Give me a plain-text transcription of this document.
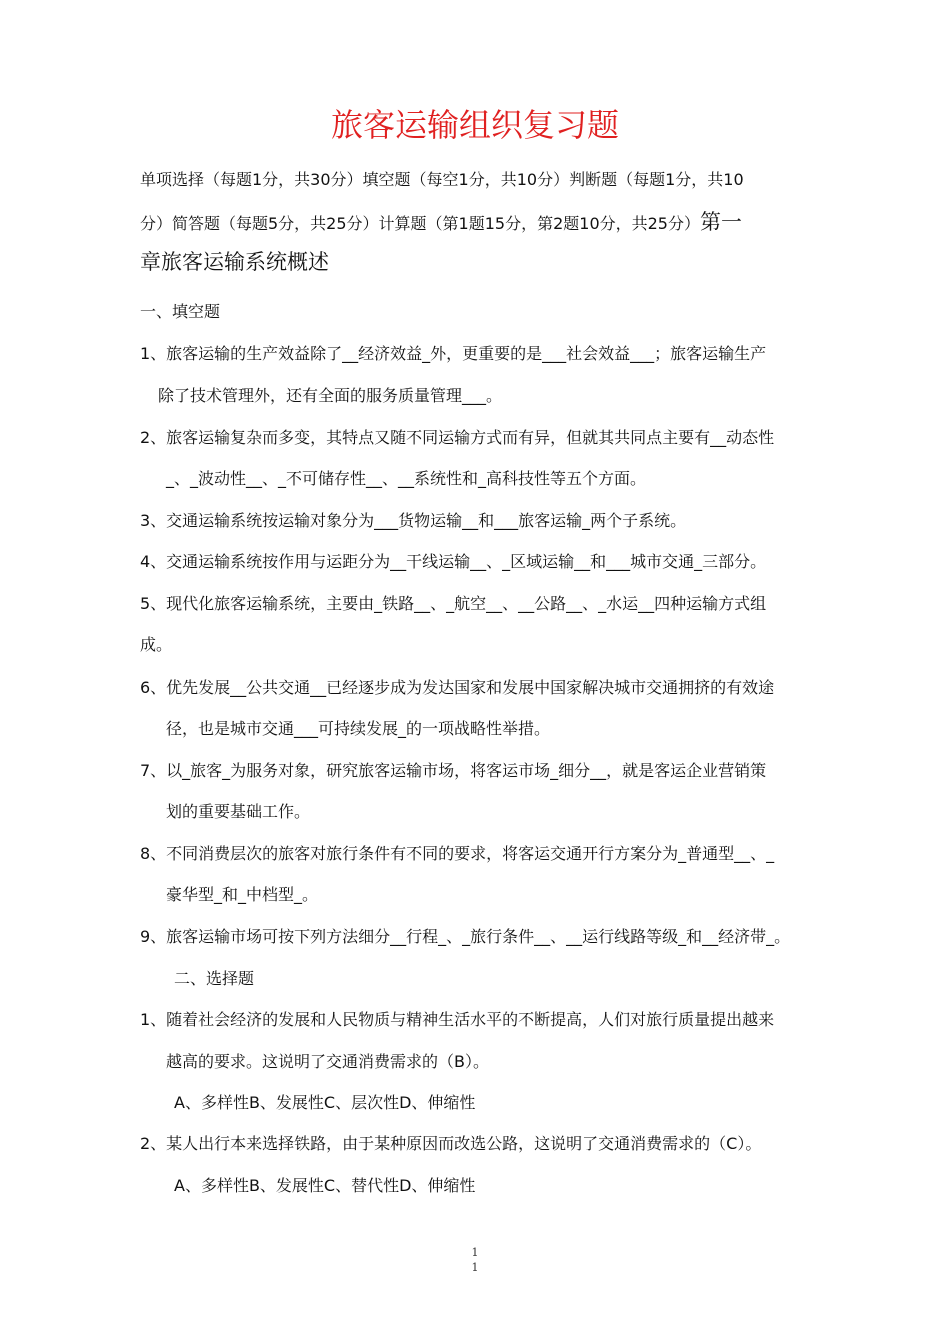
旅客运输组织复习题
单项选择（每题1分，共30分）填空题（每空1分，共10分）判断题（每题1分，共10
分）简答题（每题5分，共25分）计算题（第1题15分，第2题10分，共25分）第一
章旅客运输系统概述
一、填空题
1、旅客运输的生产效益除了__经济效益_外，更重要的是___社会效益___；旅客运输生产
除了技术管理外，还有全面的服务质量管理___。
2、旅客运输复杂而多变，其特点又随不同运输方式而有异，但就其共同点主要有__动态性
_、_波动性__、_不可储存性__、__系统性和_高科技性等五个方面。
3、交通运输系统按运输对象分为___货物运输__和___旅客运输_两个子系统。
4、交通运输系统按作用与运距分为__干线运输__、_区域运输__和___城市交通_三部分。
5、现代化旅客运输系统，主要由_铁路__、_航空__、__公路__、_水运__四种运输方式组
成。
6、优先发展__公共交通__已经逐步成为发达国家和发展中国家解决城市交通拥挤的有效途
径，也是城市交通___可持续发展_的一项战略性举措。
7、以_旅客_为服务对象，研究旅客运输市场，将客运市场_细分__，就是客运企业营销策
划的重要基础工作。
8、不同消费层次的旅客对旅行条件有不同的要求，将客运交通开行方案分为_普通型__、_
豪华型_和_中档型_。
9、旅客运输市场可按下列方法细分__行程_、_旅行条件__、__运行线路等级_和__经济带_。
二、选择题
1、随着社会经济的发展和人民物质与精神生活水平的不断提高，人们对旅行质量提出越来
越高的要求。这说明了交通消费需求的（B）。
A、多样性B、发展性C、层次性D、伸缩性
2、某人出行本来选择铁路，由于某种原因而改选公路，这说明了交通消费需求的（C）。
A、多样性B、发展性C、替代性D、伸缩性
1
1
